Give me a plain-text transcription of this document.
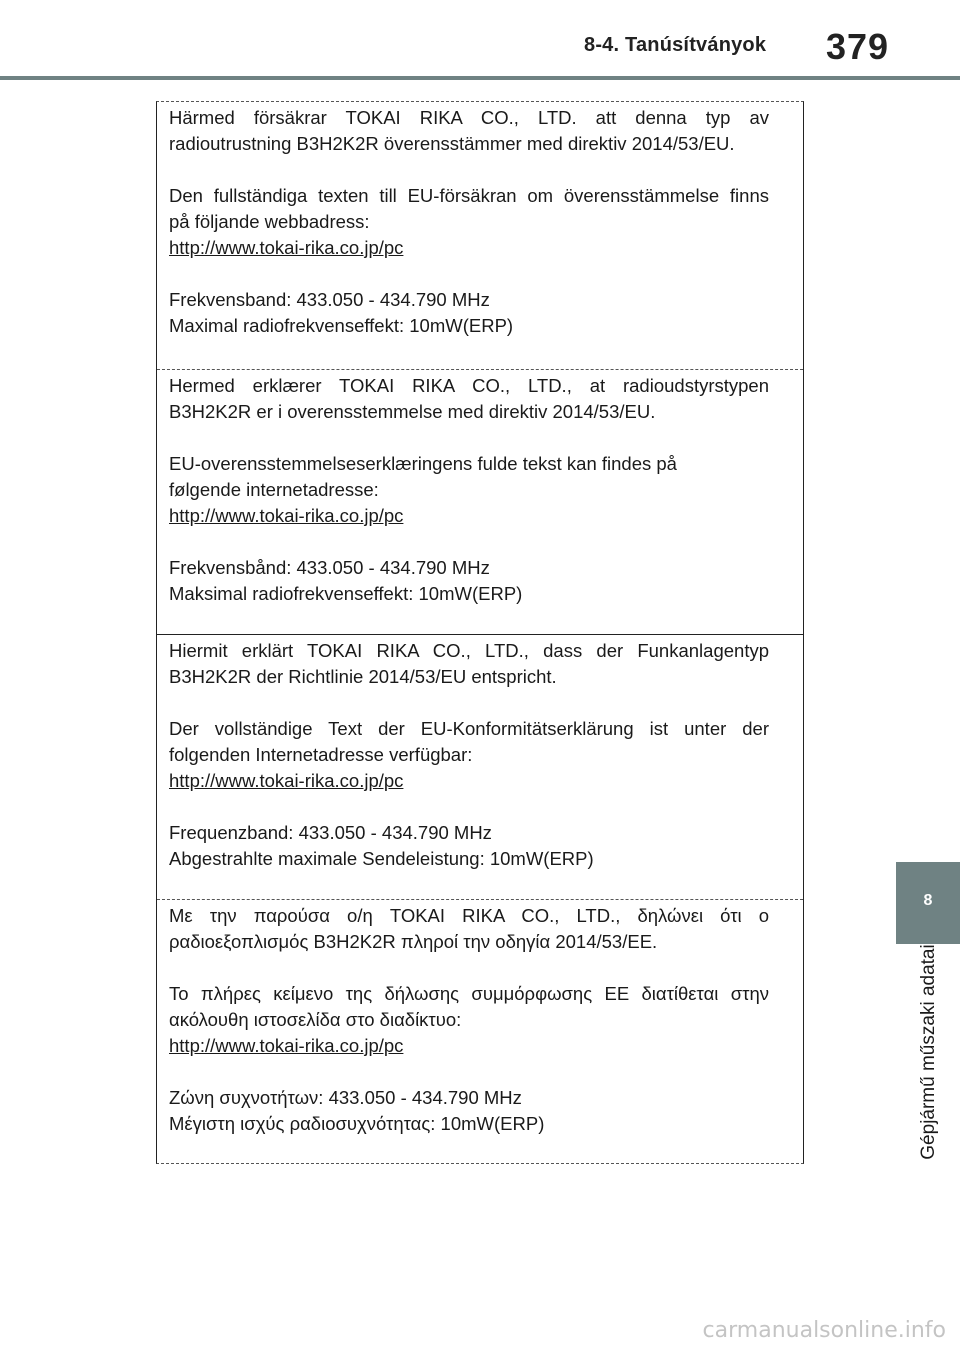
8-4. Tanúsítványok 379
8
Gépjármű műszaki adatai
Härmed försäkrar TOKAI RIKA CO., LTD. att denna typ av
radioutrustning B3H2K2R överensstämmer med direktiv 2014/53/EU.
Den fullständiga texten till EU-försäkran om överensstämmelse finns
på följande webbadress:
http://www.tokai-rika.co.jp/pc
Frekvensband: 433.050 - 434.790 MHz
Maximal radiofrekvenseffekt: 10mW(ERP)
Hermed erklærer TOKAI RIKA CO., LTD., at radioudstyrstypen
B3H2K2R er i overensstemmelse med direktiv 2014/53/EU.
EU-overensstemmelseserklæringens fulde tekst kan findes på
følgende internetadresse:
http://www.tokai-rika.co.jp/pc
Frekvensbånd: 433.050 - 434.790 MHz
Maksimal radiofrekvenseffekt: 10mW(ERP)
Hiermit erklärt TOKAI RIKA CO., LTD., dass der Funkanlagentyp
B3H2K2R der Richtlinie 2014/53/EU entspricht.
Der vollständige Text der EU-Konformitätserklärung ist unter der
folgenden Internetadresse verfügbar:
http://www.tokai-rika.co.jp/pc
Frequenzband: 433.050 - 434.790 MHz
Abgestrahlte maximale Sendeleistung: 10mW(ERP)
Με την παρούσα ο/η TOKAI RIKA CO., LTD., δηλώνει ότι ο
ραδιοεξοπλισμός B3H2K2R πληροί την οδηγία 2014/53/ΕΕ.
Το πλήρες κείμενο της δήλωσης συμμόρφωσης ΕΕ διατίθεται στην
ακόλουθη ιστοσελίδα στο διαδίκτυο:
http://www.tokai-rika.co.jp/pc
Ζώνη συχνοτήτων: 433.050 - 434.790 MHz
Μέγιστη ισχύς ραδιοσυχνότητας: 10mW(ERP)
carmanualsonline.info
